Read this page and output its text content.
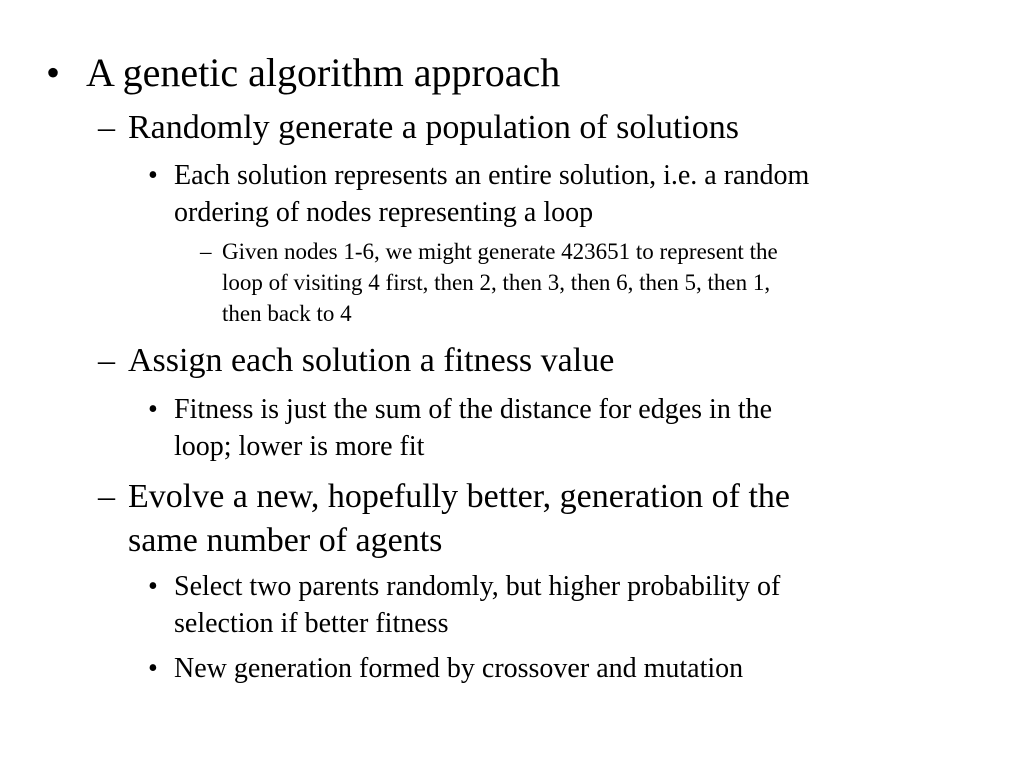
• A genetic algorithm approach
– Randomly generate a population of solutions
• Each solution represents an entire solution, i.e. a random
ordering of nodes representing a loop
– Given nodes 1-6, we might generate 423651 to represent the
loop of visiting 4 first, then 2, then 3, then 6, then 5, then 1,
then back to 4
– Assign each solution a fitness value
• Fitness is just the sum of the distance for edges in the
loop; lower is more fit
– Evolve a new, hopefully better, generation of the
same number of agents
• Select two parents randomly, but higher probability of
selection if better fitness
• New generation formed by crossover and mutation
